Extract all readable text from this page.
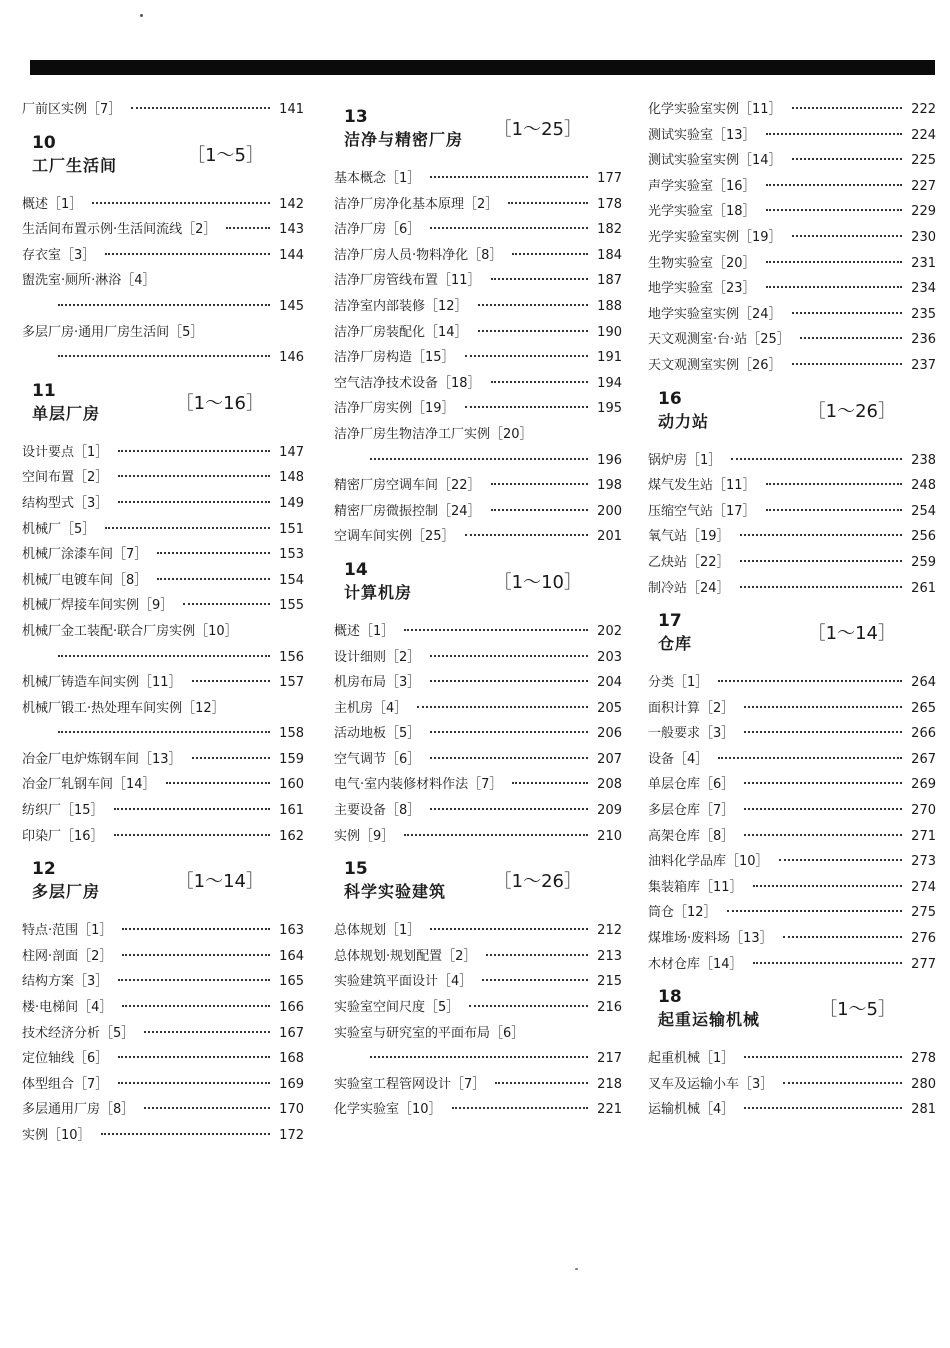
厂前区实例［7］	141
10
工厂生活间	［1～5］
概述［1］	142
生活间布置示例·生活间流线［2］	143
存衣室［3］	144
盥洗室·厕所·淋浴［4］
145
多层厂房·通用厂房生活间［5］
146
11
单层厂房	［1～16］
设计要点［1］	147
空间布置［2］	148
结构型式［3］	149
机械厂［5］	151
机械厂涂漆车间［7］	153
机械厂电镀车间［8］	154
机械厂焊接车间实例［9］	155
机械厂金工装配·联合厂房实例［10］
156
机械厂铸造车间实例［11］	157
机械厂锻工·热处理车间实例［12］
158
冶金厂电炉炼钢车间［13］	159
冶金厂轧钢车间［14］	160
纺织厂［15］	161
印染厂［16］	162
12
多层厂房	［1～14］
特点·范围［1］	163
柱网·剖面［2］	164
结构方案［3］	165
楼·电梯间［4］	166
技术经济分析［5］	167
定位轴线［6］	168
体型组合［7］	169
多层通用厂房［8］	170
实例［10］	172
13
洁净与精密厂房 ［1～25］
基本概念［1］	177
洁净厂房净化基本原理［2］	178
洁净厂房［6］	182
洁净厂房人员·物料净化［8］	184
洁净厂房管线布置［11］	187
洁净室内部装修［12］	188
洁净厂房装配化［14］	190
洁净厂房构造［15］	191
空气洁净技术设备［18］	194
洁净厂房实例［19］	195
洁净厂房生物洁净工厂实例［20］
196
精密厂房空调车间［22］	198
精密厂房微振控制［24］	200
空调车间实例［25］	201
14
计算机房	［1～10］
概述［1］	202
设计细则［2］	203
机房布局［3］	204
主机房［4］	205
活动地板［5］	206
空气调节［6］	207
电气·室内装修材料作法［7］	208
主要设备［8］	209
实例［9］	210
15
科学实验建筑	［1～26］
总体规划［1］	212
总体规划·规划配置［2］	213
实验建筑平面设计［4］	215
实验室空间尺度［5］	216
实验室与研究室的平面布局［6］
217
实验室工程管网设计［7］	218
化学实验室［10］	221
化学实验室实例［11］	222
测试实验室［13］	224
测试实验室实例［14］	225
声学实验室［16］	227
光学实验室［18］	229
光学实验室实例［19］	230
生物实验室［20］	231
地学实验室［23］	234
地学实验室实例［24］	235
天文观测室·台·站［25］	236
天文观测室实例［26］	237
16
动力站	［1～26］
锅炉房［1］	238
煤气发生站［11］	248
压缩空气站［17］	254
氧气站［19］	256
乙炔站［22］	259
制冷站［24］	261
17
仓库	［1～14］
分类［1］	264
面积计算［2］	265
一般要求［3］	266
设备［4］	267
单层仓库［6］	269
多层仓库［7］	270
高架仓库［8］	271
油料化学品库［10］	273
集装箱库［11］	274
筒仓［12］	275
煤堆场·废料场［13］	276
木材仓库［14］	277
18
起重运输机械	［1～5］
起重机械［1］	278
叉车及运输小车［3］	280
运输机械［4］	281
